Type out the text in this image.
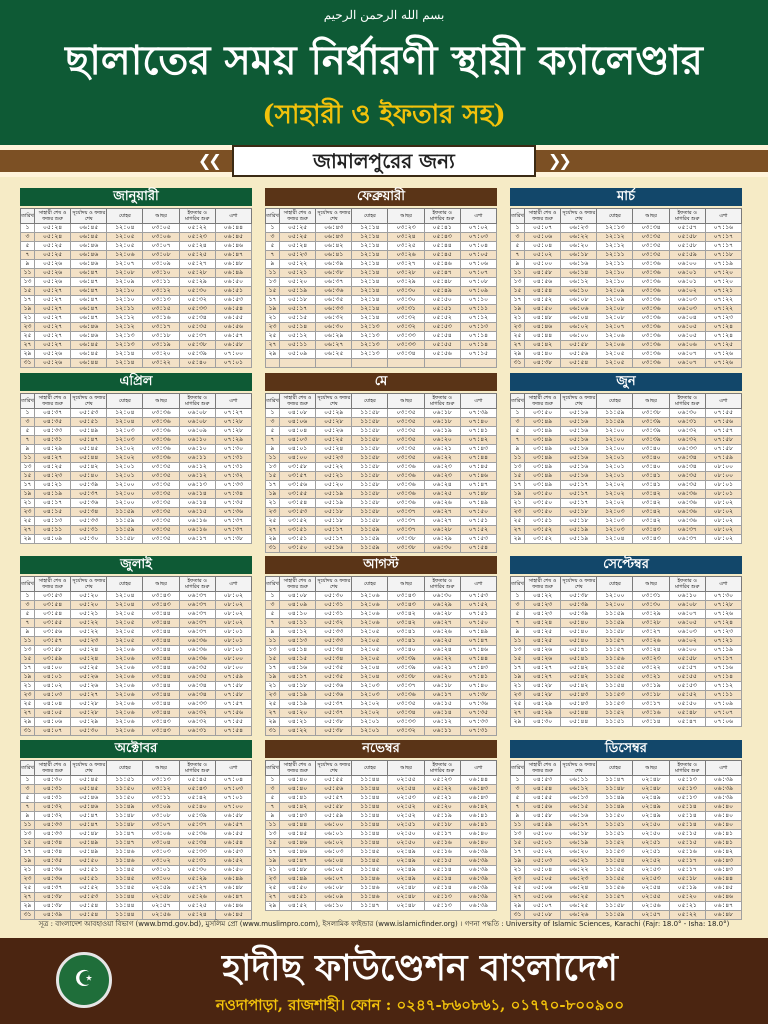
بسم الله الرحمن الرحيم
ছালাতের সময় নির্ধারণী স্থায়ী ক্যালেণ্ডার
(সাহারী ও ইফতার সহ)
❮❮	❯❯
জামালপুরের জন্য
জানুয়ারী
তারিখ	সাহারী শেষ ও ফজর শুরু	সূর্যোদয় ও ফজর শেষ	যোহর	আছর	ইফতার ও মাগরিব শুরু	এশা
১	০৫:২৪	০৬:৪৫	১২:০৪	০৩:০৫	০৫:২২	০৬:৪৪
৩	০৫:২৪	০৬:৪৫	১২:০৫	০৩:০৬	০৫:২৩	০৬:৪৫
৫	০৫:২৫	০৬:৪৬	১২:০৫	০৩:০৭	০৫:২৪	০৬:৪৬
৭	০৫:২৫	০৬:৪৬	১২:০৬	০৩:০৮	০৫:২৫	০৬:৪৭
৯	০৫:২৬	০৬:৪৬	১২:০৭	০৩:০৯	০৫:২৭	০৬:৪৮
১১	০৫:২৬	০৬:৪৭	১২:০৮	০৩:১০	০৫:২৮	০৬:৪৯
১৩	০৫:২৬	০৬:৪৭	১২:০৯	০৩:১১	০৫:২৯	০৬:৫০
১৫	০৫:২৭	০৬:৪৭	১২:১০	০৩:১২	০৫:৩০	০৬:৫১
১৭	০৫:২৭	০৬:৪৭	১২:১০	০৩:১৩	০৫:৩২	০৬:৫৩
১৯	০৫:২৭	০৬:৪৭	১২:১১	০৩:১৫	০৫:৩৩	০৬:৫৪
২১	০৫:২৭	০৬:৪৭	১২:১২	০৩:১৬	০৫:৩৪	০৬:৫৫
২৩	০৫:২৭	০৬:৪৬	১২:১২	০৩:১৭	০৫:৩৫	০৬:৫৬
২৫	০৫:২৭	০৬:৪৬	১২:১৩	০৩:১৮	০৫:৩৭	০৬:৫৭
২৭	০৫:২৭	০৬:৪৫	১২:১৩	০৩:১৯	০৫:৩৮	০৬:৫৮
২৯	০৫:২৬	০৬:৪৫	১২:১৪	০৩:২০	০৫:৩৯	০৭:০০
৩১	০৫:২৬	০৬:৪৪	১২:১৪	০৩:২২	০৫:৪০	০৭:০১
ফেব্রুয়ারী
তারিখ	সাহারী শেষ ও ফজর শুরু	সূর্যোদয় ও ফজর শেষ	যোহর	আছর	ইফতার ও মাগরিব শুরু	এশা
১	০৫:২৫	০৬:৪৩	১২:১৪	০৩:২৩	০৫:৪১	০৭:০২
৩	০৫:২৫	০৬:৪৩	১২:১৪	০৩:২৪	০৫:৪৩	০৭:০৩
৫	০৫:২৪	০৬:৪২	১২:১৪	০৩:২৫	০৫:৪৪	০৭:০৪
৭	০৫:২৩	০৬:৪১	১২:১৪	০৩:২৬	০৫:৪৫	০৭:০৫
৯	০৫:২২	০৬:৩৯	১২:১৪	০৩:২৭	০৫:৪৬	০৭:০৬
১১	০৫:২১	০৬:৩৮	১২:১৪	০৩:২৮	০৫:৪৭	০৭:০৭
১৩	০৫:২০	০৬:৩৭	১২:১৪	০৩:২৯	০৫:৪৮	০৭:০৮
১৫	০৫:১৯	০৬:৩৬	১২:১৪	০৩:৩০	০৫:৪৯	০৭:০৯
১৭	০৫:১৮	০৬:৩৫	১২:১৪	০৩:৩০	০৫:৫০	০৭:১০
১৯	০৫:১৭	০৬:৩৩	১২:১৪	০৩:৩১	০৫:৫১	০৭:১১
২১	০৫:১৫	০৬:৩২	১২:১৪	০৩:৩২	০৫:৫২	০৭:১২
২৩	০৫:১৪	০৬:৩০	১২:১৩	০৩:৩২	০৫:৫৩	০৭:১৩
২৫	০৫:১২	০৬:২৯	১২:১৩	০৩:৩৩	০৫:৫৪	০৭:১৪
২৭	০৫:১১	০৬:২৭	১২:১৩	০৩:৩৩	০৫:৫৫	০৭:১৪
২৯	০৫:০৯	০৬:২৫	১২:১৩	০৩:৩৪	০৫:৫৬	০৭:১৫

মার্চ
তারিখ	সাহারী শেষ ও ফজর শুরু	সূর্যোদয় ও ফজর শেষ	যোহর	আছর	ইফতার ও মাগরিব শুরু	এশা
১	০৫:০৭	০৬:২৩	১২:১৩	০৩:৩৪	০৫:৫৭	০৭:১৬
৩	০৫:০৬	০৬:২২	১২:১২	০৩:৩৫	০৫:৫৮	০৭:১৭
৫	০৫:০৪	০৬:২০	১২:১২	০৩:৩৫	০৫:৫৮	০৭:১৭
৭	০৫:০২	০৬:১৮	১২:১১	০৩:৩৫	০৫:৫৯	০৭:১৮
৯	০৫:০০	০৬:১৬	১২:১১	০৩:৩৬	০৬:০০	০৭:১৯
১১	০৪:৫৮	০৬:১৪	১২:১০	০৩:৩৬	০৬:০১	০৭:২০
১৩	০৪:৫৬	০৬:১২	১২:১০	০৩:৩৬	০৬:০১	০৭:২০
১৫	০৪:৫৪	০৬:১০	১২:০৯	০৩:৩৬	০৬:০২	০৭:২১
১৭	০৪:৫২	০৬:০৮	১২:০৯	০৩:৩৬	০৬:০৩	০৭:২২
১৯	০৪:৫০	০৬:০৬	১২:০৮	০৩:৩৬	০৬:০৩	০৭:২২
২১	০৪:৪৮	০৬:০৪	১২:০৮	০৩:৩৬	০৬:০৪	০৭:২৩
২৩	০৪:৪৬	০৬:০২	১২:০৭	০৩:৩৬	০৬:০৫	০৭:২৪
২৫	০৪:৪৪	০৬:০০	১২:০৬	০৩:৩৬	০৬:০৫	০৭:২৪
২৭	০৪:৪২	০৫:৫৮	১২:০৬	০৩:৩৬	০৬:০৬	০৭:২৫
২৯	০৪:৪০	০৫:৫৬	১২:০৫	০৩:৩৬	০৬:০৭	০৭:২৬
৩১	০৪:৩৮	০৫:৫৪	১২:০৫	০৩:৩৬	০৬:০৭	০৭:২৬
এপ্রিল
তারিখ	সাহারী শেষ ও ফজর শুরু	সূর্যোদয় ও ফজর শেষ	যোহর	আছর	ইফতার ও মাগরিব শুরু	এশা
১	০৪:৩৭	০৫:৫৩	১২:০৪	০৩:৩৬	০৬:০৮	০৭:২৭
৩	০৪:৩৫	০৫:৫১	১২:০৪	০৩:৩৬	০৬:০৮	০৭:২৮
৫	০৪:৩৩	০৫:৪৯	১২:০৩	০৩:৩৬	০৬:০৯	০৭:২৮
৭	০৪:৩১	০৫:৪৭	১২:০৩	০৩:৩৬	০৬:১০	০৭:২৯
৯	০৪:২৯	০৫:৪৫	১২:০২	০৩:৩৬	০৬:১০	০৭:৩০
১১	০৪:২৭	০৫:৪৪	১২:০২	০৩:৩৬	০৬:১১	০৭:৩১
১৩	০৪:২৫	০৫:৪২	১২:০১	০৩:৩৫	০৬:১২	০৭:৩১
১৫	০৪:২৩	০৫:৪০	১২:০১	০৩:৩৫	০৬:১২	০৭:৩২
১৭	০৪:২১	০৫:৩৯	১২:০০	০৩:৩৫	০৬:১৩	০৭:৩৩
১৯	০৪:১৯	০৫:৩৭	১২:০০	০৩:৩৫	০৬:১৪	০৭:৩৪
২১	০৪:১৭	০৫:৩৬	১২:০০	০৩:৩৫	০৬:১৪	০৭:৩৫
২৩	০৪:১৫	০৫:৩৪	১১:৫৯	০৩:৩৫	০৬:১৫	০৭:৩৬
২৫	০৪:১৩	০৫:৩৩	১১:৫৯	০৩:৩৫	০৬:১৬	০৭:৩৭
২৭	০৪:১১	০৫:৩১	১১:৫৯	০৩:৩৫	০৬:১৬	০৭:৩৭
২৯	০৪:০৯	০৫:৩০	১১:৫৮	০৩:৩৫	০৬:১৭	০৭:৩৮
মে
তারিখ	সাহারী শেষ ও ফজর শুরু	সূর্যোদয় ও ফজর শেষ	যোহর	আছর	ইফতার ও মাগরিব শুরু	এশা
১	০৪:০৮	০৫:২৯	১১:৫৮	০৩:৩৫	০৬:১৮	০৭:৩৯
৩	০৪:০৬	০৫:২৮	১১:৫৮	০৩:৩৫	০৬:১৮	০৭:৪০
৫	০৪:০৪	০৫:২৬	১১:৫৮	০৩:৩৫	০৬:১৯	০৭:৪১
৭	০৪:০৩	০৫:২৫	১১:৫৮	০৩:৩৫	০৬:২০	০৭:৪২
৯	০৪:০১	০৫:২৪	১১:৫৮	০৩:৩৫	০৬:২১	০৭:৪৩
১১	০৪:০০	০৫:২৩	১১:৫৮	০৩:৩৫	০৬:২২	০৭:৪৪
১৩	০৩:৫৮	০৫:২২	১১:৫৮	০৩:৩৬	০৬:২৩	০৭:৪৫
১৫	০৩:৫৭	০৫:২১	১১:৫৮	০৩:৩৬	০৬:২৩	০৭:৪৬
১৭	০৩:৫৬	০৫:২০	১১:৫৮	০৩:৩৬	০৬:২৪	০৭:৪৭
১৯	০৩:৫৫	০৫:১৯	১১:৫৮	০৩:৩৬	০৬:২৫	০৭:৪৮
২১	০৩:৫৪	০৫:১৯	১১:৫৮	০৩:৩৬	০৬:২৬	০৭:৪৯
২৩	০৩:৫৩	০৫:১৮	১১:৫৮	০৩:৩৭	০৬:২৭	০৭:৫০
২৫	০৩:৫২	০৫:১৮	১১:৫৮	০৩:৩৭	০৬:২৭	০৭:৫১
২৭	০৩:৫১	০৫:১৭	১১:৫৯	০৩:৩৭	০৬:২৮	০৭:৫২
২৯	০৩:৫১	০৫:১৭	১১:৫৯	০৩:৩৮	০৬:২৯	০৭:৫৩
৩১	০৩:৫০	০৫:১৬	১১:৫৯	০৩:৩৮	০৬:৩০	০৭:৫৪
জুন
তারিখ	সাহারী শেষ ও ফজর শুরু	সূর্যোদয় ও ফজর শেষ	যোহর	আছর	ইফতার ও মাগরিব শুরু	এশা
১	০৩:৫০	০৫:১৬	১১:৫৯	০৩:৩৮	০৬:৩০	০৭:৫৫
৩	০৩:৪৯	০৫:১৬	১১:৫৯	০৩:৩৯	০৬:৩১	০৭:৫৬
৫	০৩:৪৯	০৫:১৬	১২:০০	০৩:৩৯	০৬:৩২	০৭:৫৭
৭	০৩:৪৯	০৫:১৬	১২:০০	০৩:৩৯	০৬:৩২	০৭:৫৮
৯	০৩:৪৯	০৫:১৬	১২:০০	০৩:৪০	০৬:৩৩	০৭:৫৮
১১	০৩:৪৯	০৫:১৬	১২:০১	০৩:৪০	০৬:৩৪	০৭:৫৯
১৩	০৩:৪৯	০৫:১৬	১২:০১	০৩:৪০	০৬:৩৪	০৮:০০
১৫	০৩:৪৯	০৫:১৬	১২:০১	০৩:৪১	০৬:৩৫	০৮:০০
১৭	০৩:৪৯	০৫:১৭	১২:০২	০৩:৪১	০৬:৩৫	০৮:০১
১৯	০৩:৫০	০৫:১৭	১২:০২	০৩:৪২	০৬:৩৬	০৮:০১
২১	০৩:৫০	০৫:১৭	১২:০২	০৩:৪২	০৬:৩৬	০৮:০২
২৩	০৩:৫০	০৫:১৮	১২:০৩	০৩:৪২	০৬:৩৬	০৮:০২
২৫	০৩:৫১	০৫:১৮	১২:০৩	০৩:৪২	০৬:৩৬	০৮:০২
২৭	০৩:৫২	০৫:১৯	১২:০৩	০৩:৪৩	০৬:৩৭	০৮:০২
২৯	০৩:৫২	০৫:১৯	১২:০৪	০৩:৪৩	০৬:৩৭	০৮:০২
জুলাই
তারিখ	সাহারী শেষ ও ফজর শুরু	সূর্যোদয় ও ফজর শেষ	যোহর	আছর	ইফতার ও মাগরিব শুরু	এশা
১	০৩:৫৩	০৫:২০	১২:০৪	০৩:৪৩	০৬:৩৭	০৮:০২
৩	০৩:৫৪	০৫:২০	১২:০৪	০৩:৪৩	০৬:৩৭	০৮:০২
৫	০৩:৫৪	০৫:২১	১২:০৫	০৩:৪৪	০৬:৩৭	০৮:০২
৭	০৩:৫৫	০৫:২২	১২:০৫	০৩:৪৪	০৬:৩৭	০৮:০২
৯	০৩:৫৬	০৫:২২	১২:০৫	০৩:৪৪	০৬:৩৭	০৮:০১
১১	০৩:৫৭	০৫:২৩	১২:০৫	০৩:৪৪	০৬:৩৬	০৮:০১
১৩	০৩:৫৮	০৫:২৪	১২:০৬	০৩:৪৪	০৬:৩৬	০৮:০১
১৫	০৩:৫৯	০৫:২৪	১২:০৬	০৩:৪৪	০৬:৩৬	০৮:০০
১৭	০৪:০০	০৫:২৫	১২:০৬	০৩:৪৪	০৬:৩৫	০৮:০০
১৯	০৪:০১	০৫:২৬	১২:০৬	০৩:৪৪	০৬:৩৫	০৭:৫৯
২১	০৪:০২	০৫:২৬	১২:০৬	০৩:৪৪	০৬:৩৪	০৭:৫৮
২৩	০৪:০৩	০৫:২৭	১২:০৬	০৩:৪৪	০৬:৩৪	০৭:৫৮
২৫	০৪:০৪	০৫:২৮	১২:০৬	০৩:৪৪	০৬:৩৩	০৭:৫৭
২৭	০৪:০৫	০৫:২৮	১২:০৬	০৩:৪৪	০৬:৩২	০৭:৫৬
২৯	০৪:০৬	০৫:২৯	১২:০৬	০৩:৪৩	০৬:৩২	০৭:৫৫
৩১	০৪:০৭	০৫:৩০	১২:০৬	০৩:৪৩	০৬:৩১	০৭:৫৪
আগস্ট
তারিখ	সাহারী শেষ ও ফজর শুরু	সূর্যোদয় ও ফজর শেষ	যোহর	আছর	ইফতার ও মাগরিব শুরু	এশা
১	০৪:০৮	০৫:৩০	১২:০৬	০৩:৪৩	০৬:৩০	০৭:৫৩
৩	০৪:০৯	০৫:৩১	১২:০৬	০৩:৪৩	০৬:২৯	০৭:৫২
৫	০৪:১০	০৫:৩১	১২:০৬	০৩:৪২	০৬:২৮	০৭:৫১
৭	০৪:১১	০৫:৩২	১২:০৬	০৩:৪২	০৬:২৭	০৭:৫০
৯	০৪:১২	০৫:৩৩	১২:০৫	০৩:৪১	০৬:২৬	০৭:৪৯
১১	০৪:১৩	০৫:৩৩	১২:০৫	০৩:৪১	০৬:২৫	০৭:৪৭
১৩	০৪:১৪	০৫:৩৪	১২:০৫	০৩:৪০	০৬:২৪	০৭:৪৬
১৫	০৪:১৫	০৫:৩৪	১২:০৫	০৩:৩৯	০৬:২২	০৭:৪৪
১৭	০৪:১৬	০৫:৩৫	১২:০৪	০৩:৩৯	০৬:২১	০৭:৪৩
১৯	০৪:১৭	০৫:৩৫	১২:০৪	০৩:৩৮	০৬:২০	০৭:৪১
২১	০৪:১৮	০৫:৩৬	১২:০৩	০৩:৩৭	০৬:১৮	০৭:৪০
২৩	০৪:১৯	০৫:৩৬	১২:০৩	০৩:৩৬	০৬:১৭	০৭:৩৮
২৫	০৪:১৯	০৫:৩৭	১২:০২	০৩:৩৫	০৬:১৫	০৭:৩৬
২৭	০৪:২০	০৫:৩৭	১২:০২	০৩:৩৪	০৬:১৪	০৭:৩৫
২৯	০৪:২১	০৫:৩৮	১২:০১	০৩:৩৩	০৬:১২	০৭:৩৩
৩১	০৪:২২	০৫:৩৮	১২:০১	০৩:৩২	০৬:১১	০৭:৩১
সেপ্টেম্বর
তারিখ	সাহারী শেষ ও ফজর শুরু	সূর্যোদয় ও ফজর শেষ	যোহর	আছর	ইফতার ও মাগরিব শুরু	এশা
১	০৪:২২	০৫:৩৮	১২:০০	০৩:৩১	০৬:১০	০৭:৩০
৩	০৪:২৩	০৫:৩৯	১২:০০	০৩:৩০	০৬:০৮	০৭:২৮
৫	০৪:২৩	০৫:৩৯	১১:৫৯	০৩:২৯	০৬:০৭	০৭:২৬
৭	০৪:২৪	০৫:৪০	১১:৫৯	০৩:২৮	০৬:০৫	০৭:২৪
৯	০৪:২৫	০৫:৪০	১১:৫৮	০৩:২৭	০৬:০৩	০৭:২৩
১১	০৪:২৫	০৫:৪০	১১:৫৭	০৩:২৬	০৬:০২	০৭:২১
১৩	০৪:২৬	০৫:৪১	১১:৫৭	০৩:২৪	০৬:০০	০৭:১৯
১৫	০৪:২৬	০৫:৪১	১১:৫৬	০৩:২৩	০৫:৫৮	০৭:১৭
১৭	০৪:২৭	০৫:৪২	১১:৫৫	০৩:২২	০৫:৫৭	০৭:১৬
১৯	০৪:২৭	০৫:৪২	১১:৫৫	০৩:২১	০৫:৫৫	০৭:১৪
২১	০৪:২৮	০৫:৪২	১১:৫৪	০৩:১৯	০৫:৫৩	০৭:১২
২৩	০৪:২৮	০৫:৪৩	১১:৫৩	০৩:১৮	০৫:৫২	০৭:১১
২৫	০৪:২৯	০৫:৪৩	১১:৫৩	০৩:১৭	০৫:৫০	০৭:০৯
২৭	০৪:২৯	০৫:৪৪	১১:৫২	০৩:১৬	০৫:৪৮	০৭:০৭
২৯	০৪:৩০	০৫:৪৪	১১:৫১	০৩:১৪	০৫:৪৭	০৭:০৬
অক্টোবর
তারিখ	সাহারী শেষ ও ফজর শুরু	সূর্যোদয় ও ফজর শেষ	যোহর	আছর	ইফতার ও মাগরিব শুরু	এশা
১	০৪:৩০	০৫:৪৫	১১:৫১	০৩:১৩	০৫:৪৫	০৭:০৪
৩	০৪:৩১	০৫:৪৫	১১:৫০	০৩:১২	০৫:৪৩	০৭:০৩
৫	০৪:৩১	০৫:৪৬	১১:৫০	০৩:১১	০৫:৪২	০৭:০১
৭	০৪:৩২	০৫:৪৬	১১:৪৯	০৩:০৯	০৫:৪০	০৭:০০
৯	০৪:৩২	০৫:৪৭	১১:৪৮	০৩:০৮	০৫:৩৯	০৬:৫৮
১১	০৪:৩৩	০৫:৪৭	১১:৪৮	০৩:০৭	০৫:৩৭	০৬:৫৭
১৩	০৪:৩৩	০৫:৪৮	১১:৪৭	০৩:০৬	০৫:৩৬	০৬:৫৫
১৫	০৪:৩৪	০৫:৪৯	১১:৪৭	০৩:০৪	০৫:৩৪	০৬:৫৪
১৭	০৪:৩৪	০৫:৪৯	১১:৪৬	০৩:০৩	০৫:৩৩	০৬:৫৩
১৯	০৪:৩৫	০৫:৫০	১১:৪৬	০৩:০২	০৫:৩১	০৬:৫২
২১	০৪:৩৬	০৫:৫১	১১:৪৫	০৩:০১	০৫:৩০	০৬:৫০
২৩	০৪:৩৬	০৫:৫১	১১:৪৫	০৩:০০	০৫:২৯	০৬:৪৯
২৫	০৪:৩৭	০৫:৫২	১১:৪৫	০২:৫৯	০৫:২৭	০৬:৪৮
২৭	০৪:৩৮	০৫:৫৩	১১:৪৪	০২:৫৮	০৫:২৬	০৬:৪৭
২৯	০৪:৩৮	০৫:৫৪	১১:৪৪	০২:৫৭	০৫:২৫	০৬:৪৬
৩১	০৪:৩৯	০৫:৫৪	১১:৪৪	০২:৫৬	০৫:২৪	০৬:৪৫
নভেম্বর
তারিখ	সাহারী শেষ ও ফজর শুরু	সূর্যোদয় ও ফজর শেষ	যোহর	আছর	ইফতার ও মাগরিব শুরু	এশা
১	০৪:৪০	০৫:৫৫	১১:৪৪	০২:৫৫	০৫:২৩	০৬:৪৪
৩	০৪:৪০	০৫:৫৬	১১:৪৪	০২:৫৪	০৫:২২	০৬:৪৩
৫	০৪:৪১	০৫:৫৭	১১:৪৪	০২:৫৩	০৫:২১	০৬:৪৩
৭	০৪:৪২	০৫:৫৮	১১:৪৪	০২:৫২	০৫:২০	০৬:৪২
৯	০৪:৪৩	০৫:৫৯	১১:৪৪	০২:৫২	০৫:১৯	০৬:৪১
১১	০৪:৪৪	০৬:০০	১১:৪৪	০২:৫১	০৫:১৮	০৬:৪১
১৩	০৪:৪৫	০৬:০১	১১:৪৪	০২:৫০	০৫:১৭	০৬:৪০
১৫	০৪:৪৬	০৬:০২	১১:৪৪	০২:৫০	০৫:১৬	০৬:৪০
১৭	০৪:৪৬	০৬:০৩	১১:৪৫	০২:৪৯	০৫:১৬	০৬:৩৯
১৯	০৪:৪৭	০৬:০৪	১১:৪৫	০২:৪৯	০৫:১৫	০৬:৩৯
২১	০৪:৪৮	০৬:০৫	১১:৪৫	০২:৪৯	০৫:১৪	০৬:৩৯
২৩	০৪:৪৯	০৬:০৭	১১:৪৬	০২:৪৯	০৫:১৪	০৬:৩৯
২৫	০৪:৫০	০৬:০৮	১১:৪৬	০২:৪৮	০৫:১৪	০৬:৩৯
২৭	০৪:৫১	০৬:০৯	১১:৪৬	০২:৪৮	০৫:১৩	০৬:৩৯
২৯	০৪:৫২	০৬:১০	১১:৪৭	০২:৪৮	০৫:১৩	০৬:৩৯
ডিসেম্বর
তারিখ	সাহারী শেষ ও ফজর শুরু	সূর্যোদয় ও ফজর শেষ	যোহর	আছর	ইফতার ও মাগরিব শুরু	এশা
১	০৪:৫৩	০৬:১১	১১:৪৭	০২:৪৮	০৫:১৩	০৬:৩৯
৩	০৪:৫৪	০৬:১২	১১:৪৮	০২:৪৮	০৫:১৩	০৬:৩৯
৫	০৪:৫৫	০৬:১৩	১১:৪৯	০২:৪৯	০৫:১৩	০৬:৩৯
৭	০৪:৫৬	০৬:১৫	১১:৪৯	০২:৪৯	০৫:১৪	০৬:৪০
৯	০৪:৫৮	০৬:১৬	১১:৫০	০২:৪৯	০৫:১৪	০৬:৪০
১১	০৪:৫৯	০৬:১৭	১১:৫১	০২:৫০	০৫:১৪	০৬:৪০
১৩	০৫:০০	০৬:১৮	১১:৫১	০২:৫০	০৫:১৫	০৬:৪১
১৫	০৫:০১	০৬:১৯	১১:৫২	০২:৫১	০৫:১৫	০৬:৪১
১৭	০৫:০২	০৬:২০	১১:৫৩	০২:৫১	০৫:১৬	০৬:৪২
১৯	০৫:০৩	০৬:২১	১১:৫৪	০২:৫২	০৫:১৭	০৬:৪৩
২১	০৫:০৪	০৬:২২	১১:৫৫	০২:৫৩	০৫:১৭	০৬:৪৩
২৩	০৫:০৫	০৬:২৩	১১:৫৫	০২:৫৩	০৫:১৮	০৬:৪৪
২৫	০৫:০৬	০৬:২৪	১১:৫৬	০২:৫৪	০৫:১৯	০৬:৪৫
২৭	০৫:০৬	০৬:২৫	১১:৫৭	০২:৫৫	০৫:২০	০৬:৪৬
২৯	০৫:০৭	০৬:২৫	১১:৫৮	০২:৫৬	০৫:২১	০৬:৪৭
৩১	০৫:০৮	০৬:২৬	১১:৫৯	০২:৫৭	০৫:২২	০৬:৪৮
সূত্র : বাংলাদেশ আবহাওয়া বিভাগ (www.bmd.gov.bd), মুসলিম প্রো (www.muslimpro.com), ইসলামিক ফাইন্ডার (www.islamicfinder.org) । গণনা পদ্ধতি : University of Islamic Sciences, Karachi (Fajr: 18.0° - Isha: 18.0°)
☪	হাদীছ ফাউণ্ডেশন বাংলাদেশ
নওদাপাড়া, রাজশাহী। ফোন : ০২৪৭-৮৬০৮৬১, ০১৭৭০-৮০০৯০০
